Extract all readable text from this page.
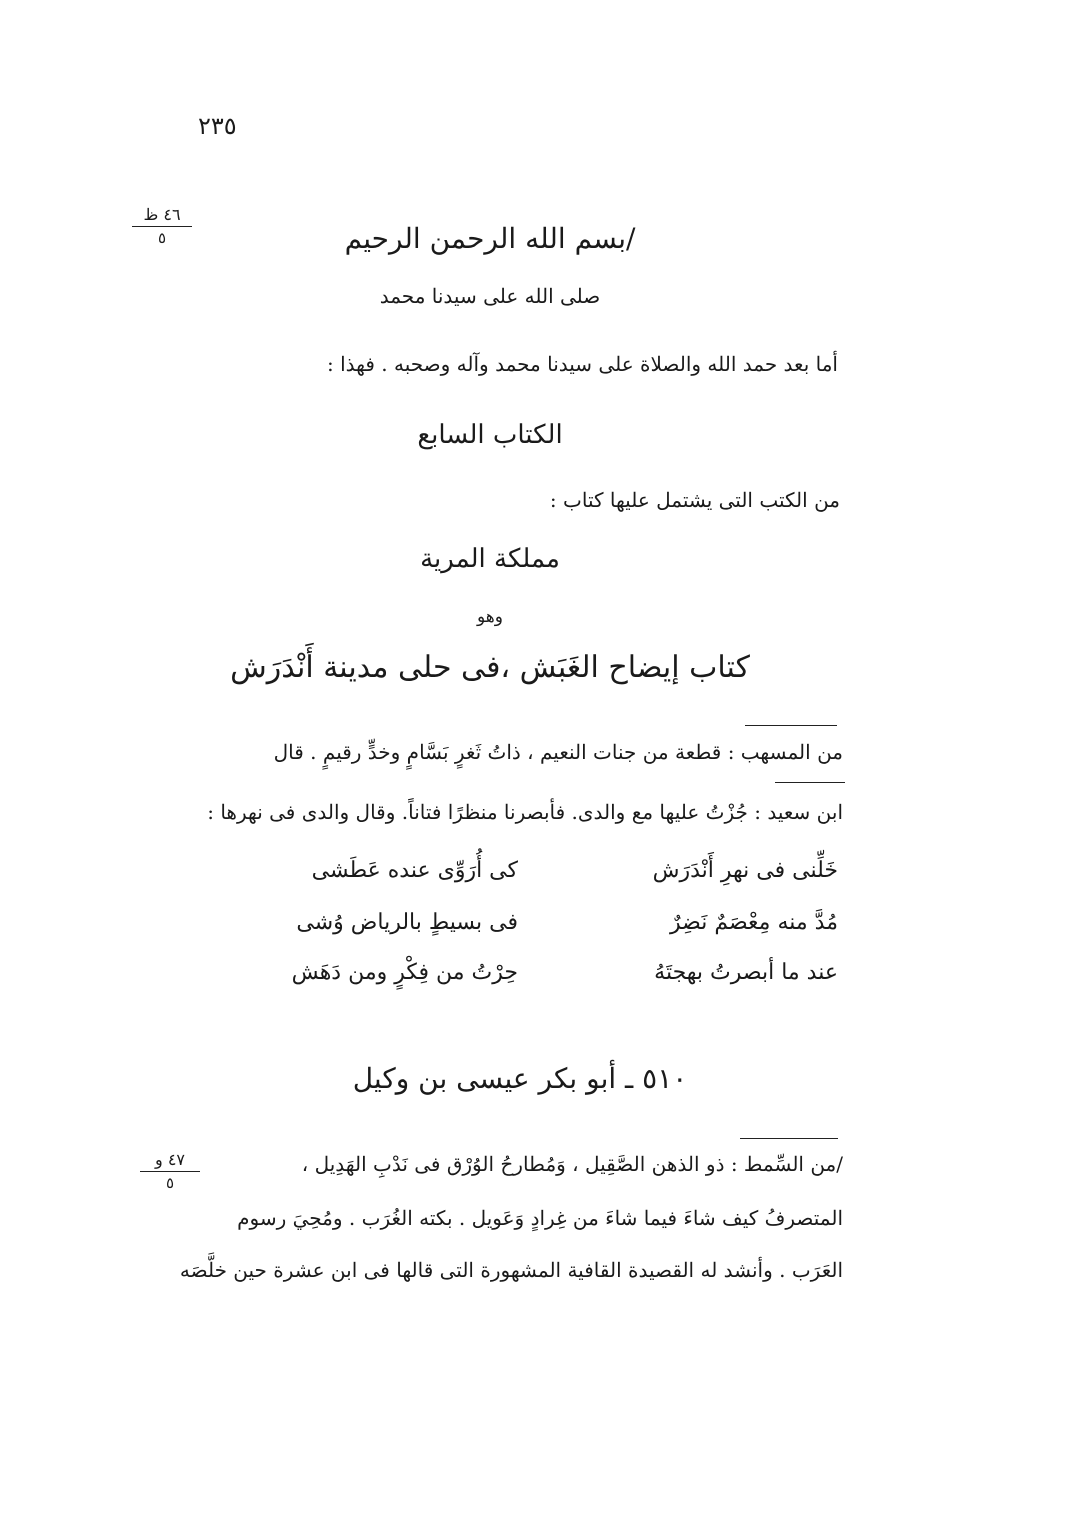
٢٣٥
٤٦ ظ
٥	/بسم الله الرحمن الرحيم
صلى الله على سيدنا محمد
أما بعد حمد الله والصلاة على سيدنا محمد وآله وصحبه . فهذا :
الكتاب السابع
من الكتب التى يشتمل عليها كتاب :
مملكة المرية
وهو
كتاب إيضاح الغَبَش ،فى حلى مدينة أَنْدَرَش
من المسهب : قطعة من جنات النعيم ، ذاتُ ثَغرٍ بَسَّامٍ وخدٍّ رقيمٍ . قال
ابن سعيد : جُزْتُ عليها مع والدى. فأبصرنا منظرًا فتاناً. وقال والدى فى نهرها :
خَلِّنى فى نهرِ أَنْدَرَش
كى أُرَوِّى عنده عَطَشى
مُدَّ منه مِعْصَمٌ نَضِرٌ
فى بسيطٍ بالرياض وُشى
عند ما أبصرتُ بهجتَهُ
حِرْتُ من فِكْرٍ ومن دَهَش
٥١٠ ـ أبو بكر عيسى بن وكيل
٤٧ و
٥
/من السِّمط : ذو الذهن الصَّقِيل ، وَمُطارحُ الوُرْق فى نَدْبِ الهَدِيل ،
المتصرفُ كيف شاءَ فيما شاءَ من غِرادٍ وَعَويل . بكته الغُرَب . ومُحِيَ رسوم
العَرَب . وأنشد له القصيدة القافية المشهورة التى قالها فى ابن عشرة حين خلَّصَه
